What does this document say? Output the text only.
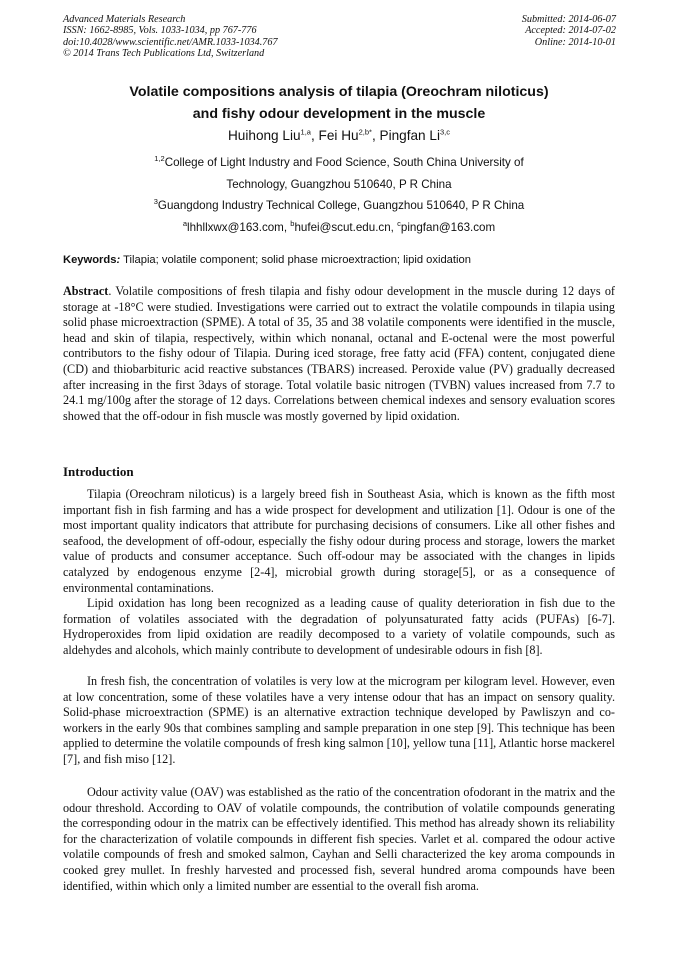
Advanced Materials Research
ISSN: 1662-8985, Vols. 1033-1034, pp 767-776
doi:10.4028/www.scientific.net/AMR.1033-1034.767
© 2014 Trans Tech Publications Ltd, Switzerland
Submitted: 2014-06-07
Accepted: 2014-07-02
Online: 2014-10-01
Volatile compositions analysis of tilapia (Oreochram niloticus)
and fishy odour development in the muscle
Huihong Liu$^{1,a}$, Fei $Hu^{2,b*}$, Pingfan Li$^{3,c}$
$^{1,2}$College of Light Industry and Food Science, South China University of
Technology, Guangzhou 510640, P R China
$^3$Guangdong Industry Technical College, Guangzhou 510640, P R China
$^a$lhhllxwx@163.com, $^b$hufei@scut.edu.cn, $^c$pingfan@163.com
Keywords: Tilapia; volatile component; solid phase microextraction; lipid oxidation
Abstract. Volatile compositions of fresh tilapia and fishy odour development in the muscle during 12 days of storage at -18°C were studied. Investigations were carried out to extract the volatile compounds in tilapia using solid phase microextraction (SPME). A total of 35, 35 and 38 volatile components were identified in the muscle, head and skin of tilapia, respectively, within which nonanal, octanal and E-octenal were the most powerful contributors to the fishy odour of Tilapia. During iced storage, free fatty acid (FFA) content, conjugated diene (CD) and thiobarbituric acid reactive substances (TBARS) increased. Peroxide value (PV) gradually decreased after increasing in the first 3days of storage. Total volatile basic nitrogen (TVBN) values increased from 7.7 to 24.1 mg/100g after the storage of 12 days. Correlations between chemical indexes and sensory evaluation scores showed that the off-odour in fish muscle was mostly governed by lipid oxidation.
Introduction
Tilapia (Oreochram niloticus) is a largely breed fish in Southeast Asia, which is known as the fifth most important fish in fish farming and has a wide prospect for development and utilization [1]. Odour is one of the most important quality indicators that attribute for purchasing decisions of consumers. Like all other fishes and seafood, the development of off-odour, especially the fishy odour during process and storage, lowers the market value of products and consumer acceptance. Such off-odour may be associated with the changes in lipids catalyzed by endogenous enzyme [2-4], microbial growth during storage[5], or as a consequence of environmental contaminations.
Lipid oxidation has long been recognized as a leading cause of quality deterioration in fish due to the formation of volatiles associated with the degradation of polyunsaturated fatty acids (PUFAs) [6-7]. Hydroperoxides from lipid oxidation are readily decomposed to a variety of volatile compounds, such as aldehydes and alcohols, which mainly contribute to development of undesirable odours in fish [8].
In fresh fish, the concentration of volatiles is very low at the microgram per kilogram level. However, even at low concentration, some of these volatiles have a very intense odour that has an impact on sensory quality. Solid-phase microextraction (SPME) is an alternative extraction technique developed by Pawliszyn and co-workers in the early 90s that combines sampling and sample preparation in one step [9]. This technique has been applied to determine the volatile compounds of fresh king salmon [10], yellow tuna [11], Atlantic horse mackerel [7], and fish miso [12].
Odour activity value (OAV) was established as the ratio of the concentration ofodorant in the matrix and the odour threshold. According to OAV of volatile compounds, the contribution of volatile compounds generating the corresponding odour in the matrix can be effectively identified. This method has already shown its reliability for the characterization of volatile compounds in different fish species. Varlet et al. compared the odour active volatile compounds of fresh and smoked salmon, Cayhan and Selli characterized the key aroma compounds in cooked grey mullet. In freshly harvested and processed fish, several hundred aroma compounds have been identified, within which only a limited number are essential to the overall fish aroma.
